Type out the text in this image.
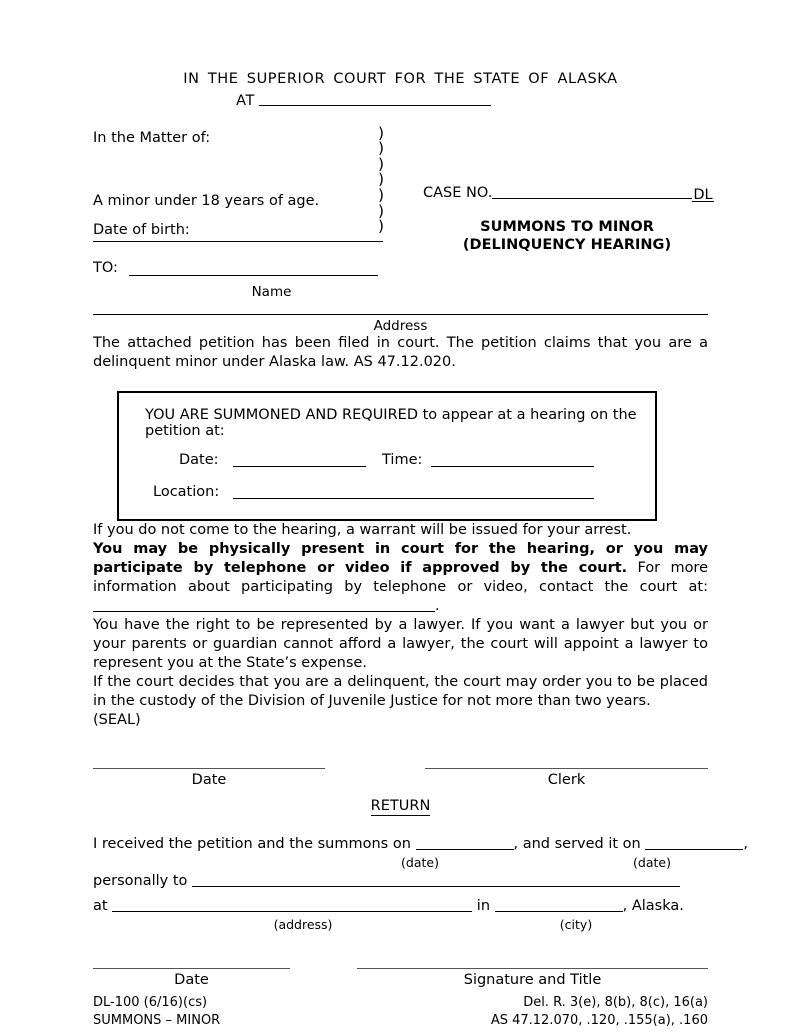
IN THE SUPERIOR COURT FOR THE STATE OF ALASKA
AT
In the Matter of:
A minor under 18 years of age.
Date of birth:
)
)
)
)
)
)
)
CASE NO.	DL
SUMMONS TO MINOR
(DELINQUENCY HEARING)
TO:
Name
Address

The attached petition has been filed in court. The petition claims that you are a delinquent minor under Alaska law. AS 47.12.020.

YOU ARE SUMMONED AND REQUIRED to appear at a hearing on the petition at:
Date:	Time:
Location:

If you do not come to the hearing, a warrant will be issued for your arrest.

You may be physically present in court for the hearing, or you may participate by telephone or video if approved by the court. For more information about participating by telephone or video, contact the court at: .

You have the right to be represented by a lawyer. If you want a lawyer but you or your parents or guardian cannot afford a lawyer, the court will appoint a lawyer to represent you at the State’s expense.

If the court decides that you are a delinquent, the court may order you to be placed in the custody of the Division of Juvenile Justice for not more than two years.

(SEAL)

Date	Clerk
RETURN
I received the petition and the summons on	, and served it on	,
(date)	(date)
personally to
at	in	, Alaska.
(address)	(city)
Date	Signature and Title
DL-100 (6/16)(cs)	Del. R. 3(e), 8(b), 8(c), 16(a)
SUMMONS – MINOR	AS 47.12.070, .120, .155(a), .160
